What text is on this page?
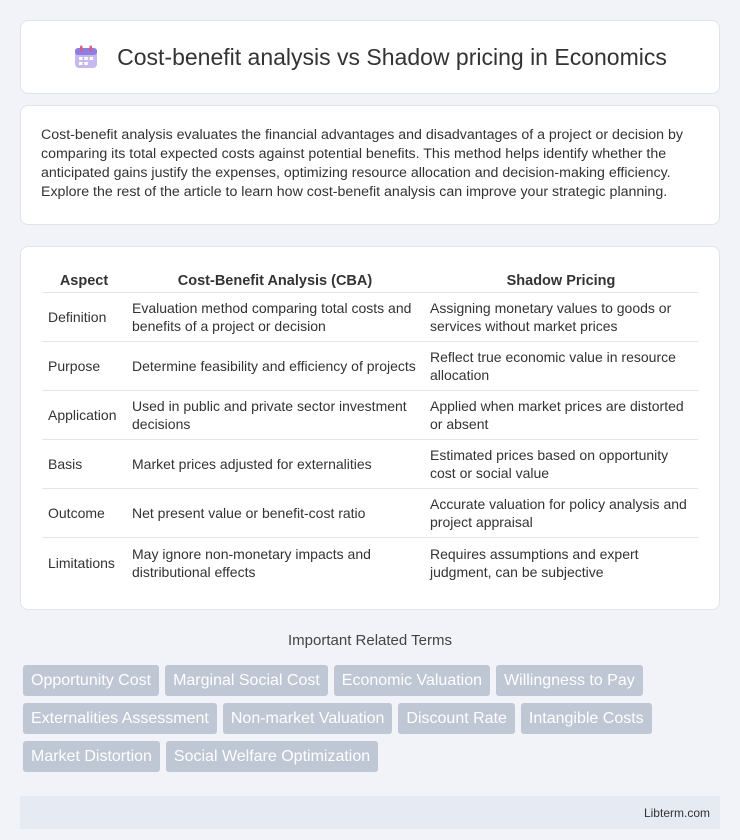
Cost-benefit analysis vs Shadow pricing in Economics
Cost-benefit analysis evaluates the financial advantages and disadvantages of a project or decision by comparing its total expected costs against potential benefits. This method helps identify whether the anticipated gains justify the expenses, optimizing resource allocation and decision-making efficiency. Explore the rest of the article to learn how cost-benefit analysis can improve your strategic planning.
Aspect	Cost-Benefit Analysis (CBA)	Shadow Pricing
Definition	Evaluation method comparing total costs and benefits of a project or decision	Assigning monetary values to goods or services without market prices
Purpose	Determine feasibility and efficiency of projects	Reflect true economic value in resource allocation
Application	Used in public and private sector investment decisions	Applied when market prices are distorted or absent
Basis	Market prices adjusted for externalities	Estimated prices based on opportunity cost or social value
Outcome	Net present value or benefit-cost ratio	Accurate valuation for policy analysis and project appraisal
Limitations	May ignore non-monetary impacts and distributional effects	Requires assumptions and expert judgment, can be subjective
Important Related Terms
Opportunity Cost	Marginal Social Cost	Economic Valuation	Willingness to Pay
Externalities Assessment	Non-market Valuation	Discount Rate	Intangible Costs
Market Distortion	Social Welfare Optimization
Libterm.com
